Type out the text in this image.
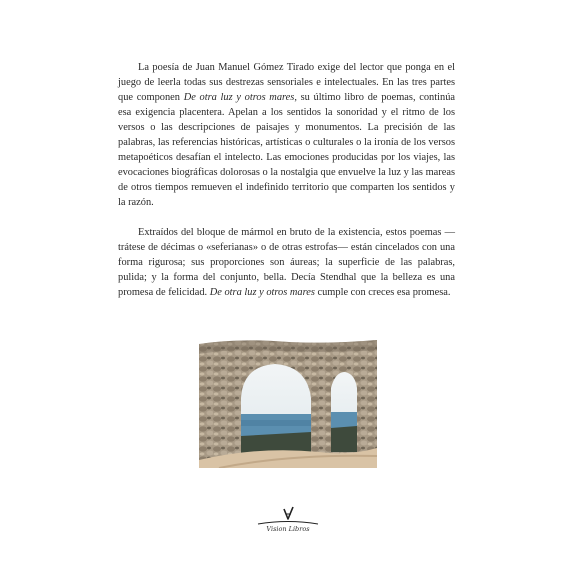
La poesía de Juan Manuel Gómez Tirado exige del lector que ponga en el juego de leerla todas sus destrezas sensoriales e intelectuales. En las tres partes que componen De otra luz y otros mares, su último libro de poemas, continúa esa exigencia placentera. Apelan a los sentidos la sonoridad y el ritmo de los versos o las descripciones de paisajes y monumentos. La precisión de las palabras, las referencias históricas, artísticas o culturales o la ironía de los versos metapoéticos desafían el intelecto. Las emociones producidas por los viajes, las evocaciones biográficas dolorosas o la nostalgia que envuelve la luz y las mareas de otros tiempos remueven el indefinido territorio que comparten los sentidos y la razón.

Extraídos del bloque de mármol en bruto de la existencia, estos poemas —trátese de décimas o «seferianas» o de otras estrofas— están cincelados con una forma rigurosa; sus proporciones son áureas; la superficie de las palabras, pulida; y la forma del conjunto, bella. Decía Stendhal que la belleza es una promesa de felicidad. De otra luz y otros mares cumple con creces esa promesa.

Vision Libros
